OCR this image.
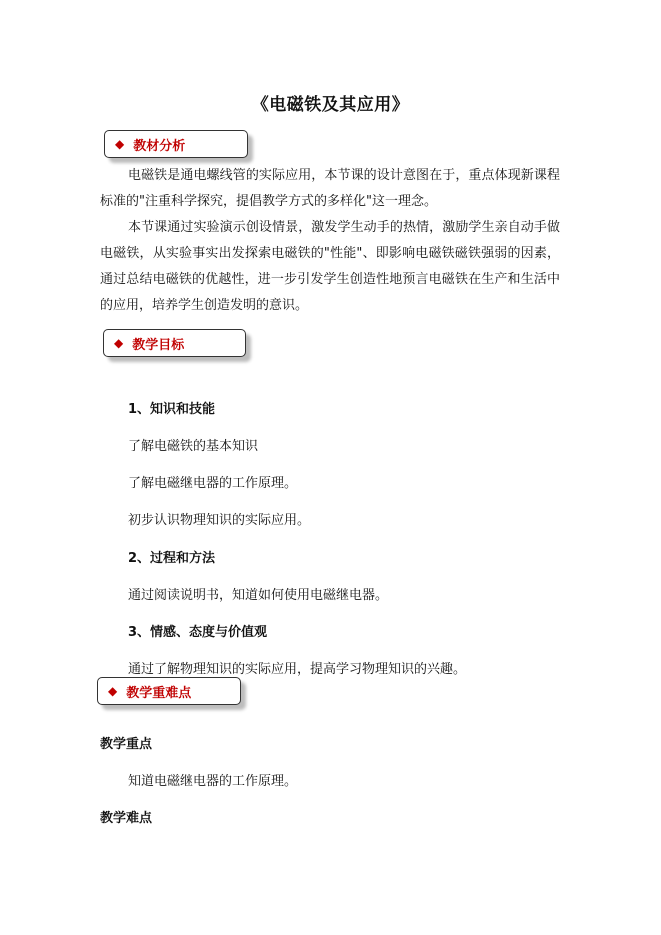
《电磁铁及其应用》
◆ 教材分析

电磁铁是通电螺线管的实际应用，本节课的设计意图在于，重点体现新课程标准的"注重科学探究，提倡教学方式的多样化"这一理念。

本节课通过实验演示创设情景，激发学生动手的热情，激励学生亲自动手做电磁铁，从实验事实出发探索电磁铁的"性能"、即影响电磁铁磁铁强弱的因素，通过总结电磁铁的优越性，进一步引发学生创造性地预言电磁铁在生产和生活中的应用，培养学生创造发明的意识。

◆ 教学目标
1、知识和技能
了解电磁铁的基本知识
了解电磁继电器的工作原理。
初步认识物理知识的实际应用。
2、过程和方法
通过阅读说明书，知道如何使用电磁继电器。
3、情感、态度与价值观
通过了解物理知识的实际应用，提高学习物理知识的兴趣。
◆ 教学重难点
教学重点
知道电磁继电器的工作原理。
教学难点
